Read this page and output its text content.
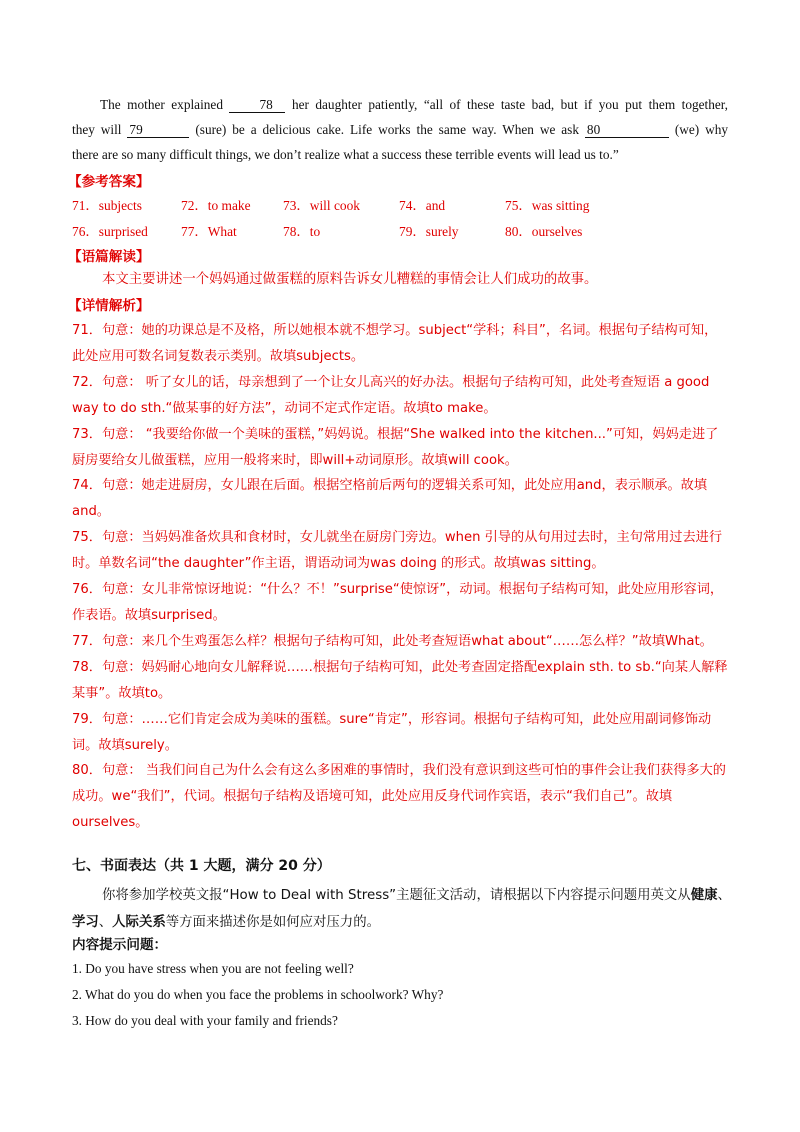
The mother explained	78 her daughter patiently, “all of these taste bad, but if you put them together,

they will 79	(sure) be a delicious cake. Life works the same way. When we ask 80	(we) why

there are so many difficult things, we don’t realize what a success these terrible events will lead us to.”

【参考答案】
71．subjects	72．to make 73．will cook	74．and	75．was sitting
76．surprised 77．What	78．to	79．surely	80．ourselves
【语篇解读】
本文主要讲述一个妈妈通过做蛋糕的原料告诉女儿糟糕的事情会让人们成功的故事。
【详情解析】

71．句意：她的功课总是不及格，所以她根本就不想学习。subject“学科；科目”，名词。根据句子结构可知，此处应用可数名词复数表示类别。故填subjects。

72．句意： 听了女儿的话，母亲想到了一个让女儿高兴的好办法。根据句子结构可知，此处考查短语 a good way to do sth.“做某事的好方法”，动词不定式作定语。故填to make。

73．句意： “我要给你做一个美味的蛋糕，”妈妈说。根据“She walked into the kitchen...”可知，妈妈走进了厨房要给女儿做蛋糕，应用一般将来时，即will+动词原形。故填will cook。

74．句意：她走进厨房，女儿跟在后面。根据空格前后两句的逻辑关系可知，此处应用and，表示顺承。故填and。

75．句意：当妈妈准备炊具和食材时，女儿就坐在厨房门旁边。when 引导的从句用过去时，主句常用过去进行时。单数名词“the daughter”作主语，谓语动词为was doing 的形式。故填was sitting。

76．句意：女儿非常惊讶地说：“什么？不！”surprise“使惊讶”，动词。根据句子结构可知，此处应用形容词，作表语。故填surprised。

77．句意：来几个生鸡蛋怎么样？根据句子结构可知，此处考查短语what about“……怎么样？”故填What。

78．句意：妈妈耐心地向女儿解释说……根据句子结构可知，此处考查固定搭配explain sth. to sb.“向某人解释某事”。故填to。

79．句意：……它们肯定会成为美味的蛋糕。sure“肯定”，形容词。根据句子结构可知，此处应用副词修饰动词。故填surely。

80．句意： 当我们问自己为什么会有这么多困难的事情时，我们没有意识到这些可怕的事件会让我们获得多大的成功。we“我们”，代词。根据句子结构及语境可知，此处应用反身代词作宾语，表示“我们自己”。故填ourselves。

七、书面表达（共 1 大题，满分 20 分）

你将参加学校英文报“How to Deal with Stress”主题征文活动，请根据以下内容提示问题用英文从健康、学习、人际关系等方面来描述你是如何应对压力的。

内容提示问题：
1. Do you have stress when you are not feeling well?
2. What do you do when you face the problems in schoolwork? Why?
3. How do you deal with your family and friends?
